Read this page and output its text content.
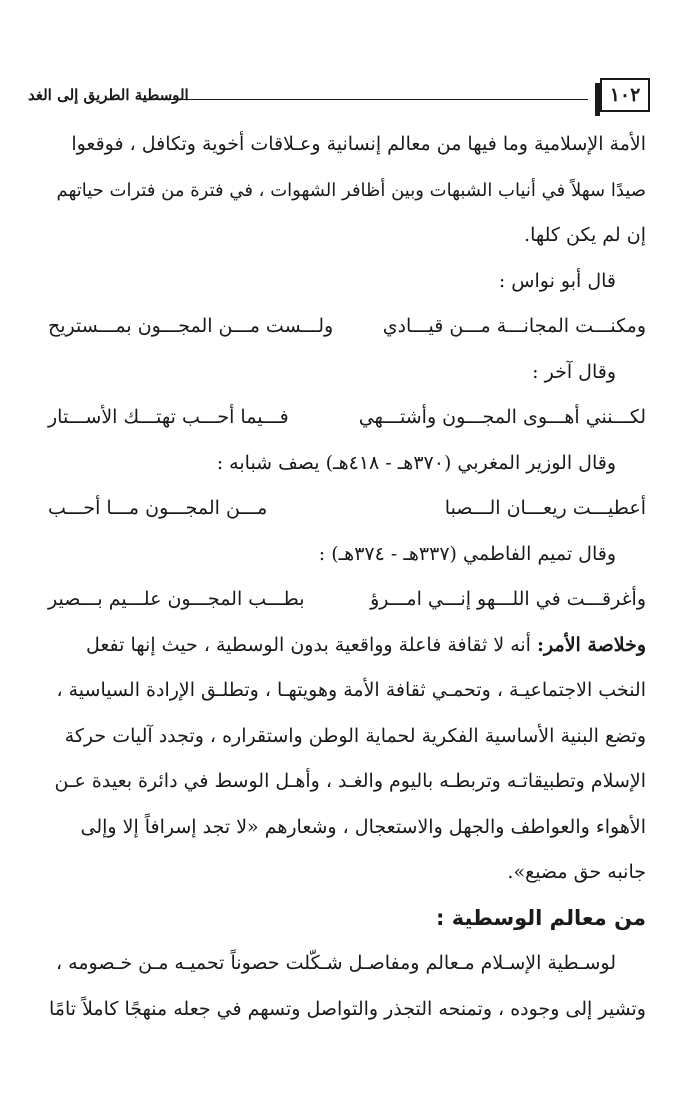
١٠٢
الوسطية الطريق إلى الغد
الأمة الإسلامية وما فيها من معالم إنسانية وعـلاقات أخوية وتكافل ، فوقعوا
صيدًا سهلاً في أنياب الشبهات وبين أظافر الشهوات ، في فترة من فترات حياتهم
إن لم يكن كلها.
قال أبو نواس :
ومكنـــت المجانـــة مـــن قيـــادي
ولـــست مـــن المجـــون بمـــستريح
وقال آخر :
لكـــنني أهـــوى المجـــون وأشتـــهي
فـــيما أحـــب تهتـــك الأســـتار
وقال الوزير المغربي (٣٧٠هـ - ٤١٨هـ) يصف شبابه :
أعطيـــت ريعـــان الـــصبا
مـــن المجـــون مـــا أحـــب
وقال تميم الفاطمي (٣٣٧هـ - ٣٧٤هـ) :
وأغرقـــت في اللـــهو إنـــي امـــرؤ
بطـــب المجـــون علـــيم بـــصير
وخلاصة الأمر: أنه لا ثقافة فاعلة وواقعية بدون الوسطية ، حيث إنها تفعل
النخب الاجتماعيـة ، وتحمـي ثقافة الأمة وهويتهـا ، وتطلـق الإرادة السياسية ،
وتضع البنية الأساسية الفكرية لحماية الوطن واستقراره ، وتجدد آليات حركة
الإسلام وتطبيقاتـه وتربطـه باليوم والغـد ، وأهـل الوسط في دائرة بعيدة عـن
الأهواء والعواطف والجهل والاستعجال ، وشعارهم «لا تجد إسرافاً إلا وإلى
جانبه حق مضيع».
من معالم الوسطية :
لوسـطية الإسـلام مـعالم ومفاصـل شـكّلت حصوناً تحميـه مـن خـصومه ،
وتشير إلى وجوده ، وتمنحه التجذر والتواصل وتسهم في جعله منهجًا كاملاً تامًا
